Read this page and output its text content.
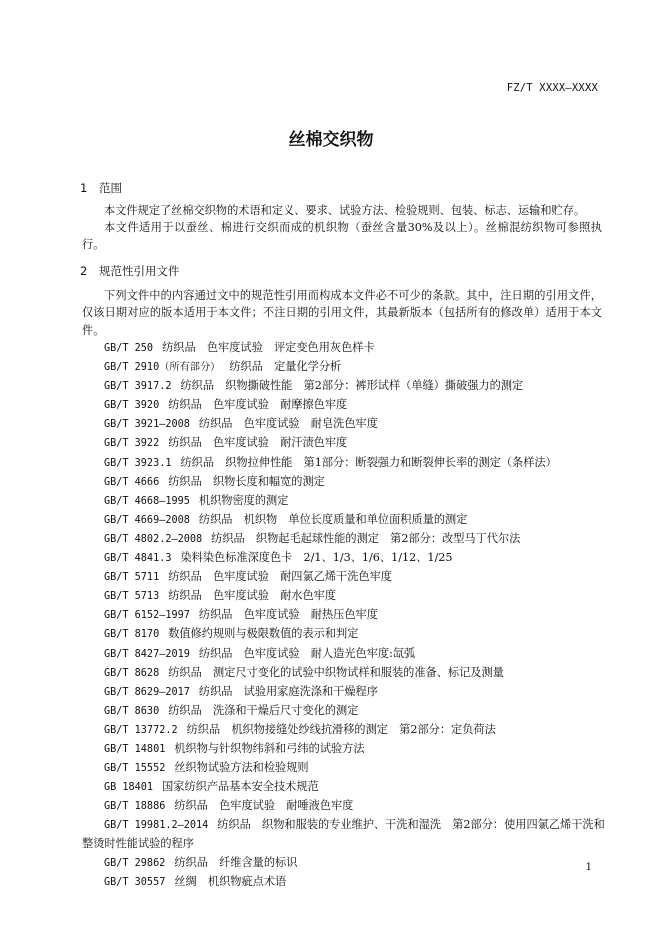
FZ/T XXXX—XXXX
丝棉交织物
1 范围

本文件规定了丝棉交织物的术语和定义、要求、试验方法、检验规则、包装、标志、运输和贮存。

本文件适用于以蚕丝、棉进行交织而成的机织物（蚕丝含量30%及以上）。丝棉混纺织物可参照执行。

2 规范性引用文件

下列文件中的内容通过文中的规范性引用而构成本文件必不可少的条款。其中，注日期的引用文件，仅该日期对应的版本适用于本文件；不注日期的引用文件，其最新版本（包括所有的修改单）适用于本文件。

GB/T 250 纺织品　色牢度试验　评定变色用灰色样卡
GB/T 2910（所有部分） 纺织品　定量化学分析
GB/T 3917.2 纺织品　织物撕破性能　第2部分：裤形试样（单缝）撕破强力的测定
GB/T 3920 纺织品　色牢度试验　耐摩擦色牢度
GB/T 3921—2008 纺织品　色牢度试验　耐皂洗色牢度
GB/T 3922 纺织品　色牢度试验　耐汗渍色牢度
GB/T 3923.1 纺织品　织物拉伸性能　第1部分：断裂强力和断裂伸长率的测定（条样法）
GB/T 4666 纺织品　织物长度和幅宽的测定
GB/T 4668—1995 机织物密度的测定
GB/T 4669—2008 纺织品　机织物　单位长度质量和单位面积质量的测定
GB/T 4802.2—2008 纺织品　织物起毛起球性能的测定　第2部分：改型马丁代尔法
GB/T 4841.3 染料染色标准深度色卡　2/1、1/3、1/6、1/12、1/25
GB/T 5711 纺织品　色牢度试验　耐四氯乙烯干洗色牢度
GB/T 5713 纺织品　色牢度试验　耐水色牢度
GB/T 6152—1997 纺织品　色牢度试验　耐热压色牢度
GB/T 8170 数值修约规则与极限数值的表示和判定
GB/T 8427—2019 纺织品　色牢度试验　耐人造光色牢度:氙弧
GB/T 8628 纺织品　测定尺寸变化的试验中织物试样和服装的准备、标记及测量
GB/T 8629—2017 纺织品　试验用家庭洗涤和干燥程序
GB/T 8630 纺织品　洗涤和干燥后尺寸变化的测定
GB/T 13772.2 纺织品　机织物接缝处纱线抗滑移的测定　第2部分：定负荷法
GB/T 14801 机织物与针织物纬斜和弓纬的试验方法
GB/T 15552 丝织物试验方法和检验规则
GB 18401 国家纺织产品基本安全技术规范
GB/T 18886 纺织品　色牢度试验　耐唾液色牢度
GB/T 19981.2—2014 纺织品　织物和服装的专业维护、干洗和湿洗　第2部分：使用四氯乙烯干洗和整烫时性能试验的程序
GB/T 29862 纺织品　纤维含量的标识
GB/T 30557 丝绸　机织物疵点术语
1
